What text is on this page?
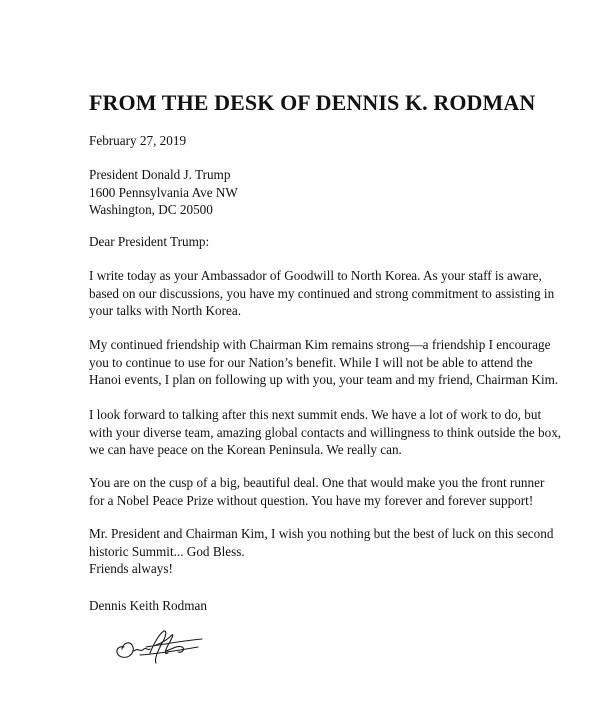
FROM THE DESK OF DENNIS K. RODMAN

February 27, 2019

President Donald J. Trump
1600 Pennsylvania Ave NW
Washington, DC 20500

Dear President Trump:

I write today as your Ambassador of Goodwill to North Korea. As your staff is aware,
based on our discussions, you have my continued and strong commitment to assisting in
your talks with North Korea.

My continued friendship with Chairman Kim remains strong—a friendship I encourage
you to continue to use for our Nation’s benefit. While I will not be able to attend the
Hanoi events, I plan on following up with you, your team and my friend, Chairman Kim.

I look forward to talking after this next summit ends. We have a lot of work to do, but
with your diverse team, amazing global contacts and willingness to think outside the box,
we can have peace on the Korean Peninsula. We really can.

You are on the cusp of a big, beautiful deal. One that would make you the front runner
for a Nobel Peace Prize without question. You have my forever and forever support!

Mr. President and Chairman Kim, I wish you nothing but the best of luck on this second
historic Summit... God Bless.

Friends always!

Dennis Keith Rodman
